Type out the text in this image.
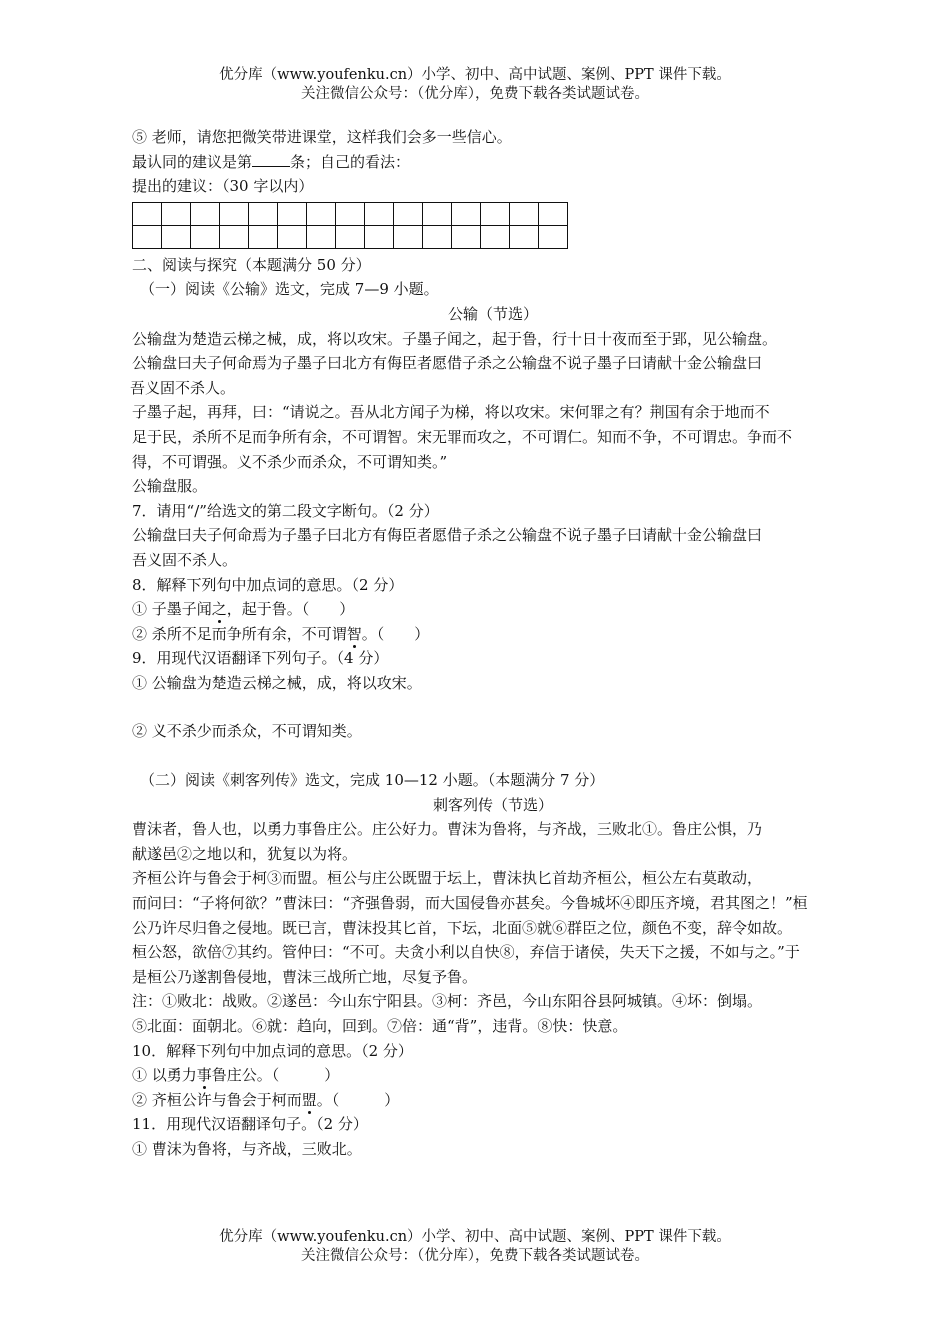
优分库（www.youfenku.cn）小学、初中、高中试题、案例、PPT 课件下载。
关注微信公众号：（优分库），免费下载各类试题试卷。
⑤ 老师，请您把微笑带进课堂，这样我们会多一些信心。
最认同的建议是第	条；自己的看法：
提出的建议：（30 字以内）

二、阅读与探究（本题满分 50 分）
（一）阅读《公输》选文，完成 7—9 小题。
公输（节选）
公输盘为楚造云梯之械，成，将以攻宋。子墨子闻之，起于鲁，行十日十夜而至于郢，见公输盘。
公输盘曰夫子何命焉为子墨子曰北方有侮臣者愿借子杀之公输盘不说子墨子曰请献十金公输盘曰
吾义固不杀人。
子墨子起，再拜，曰：“请说之。吾从北方闻子为梯，将以攻宋。宋何罪之有？荆国有余于地而不
足于民，杀所不足而争所有余，不可谓智。宋无罪而攻之，不可谓仁。知而不争，不可谓忠。争而不
得，不可谓强。义不杀少而杀众，不可谓知类。”
公输盘服。
7．请用“/”给选文的第二段文字断句。（2 分）
公输盘曰夫子何命焉为子墨子曰北方有侮臣者愿借子杀之公输盘不说子墨子曰请献十金公输盘曰
吾义固不杀人。
8．解释下列句中加点词的意思。（2 分）
① 子墨子闻之，起于鲁。（　　）
② 杀所不足而争所有余，不可谓智。（　　）
9．用现代汉语翻译下列句子。（4 分）
① 公输盘为楚造云梯之械，成，将以攻宋。
② 义不杀少而杀众，不可谓知类。
（二）阅读《刺客列传》选文，完成 10—12 小题。（本题满分 7 分）
刺客列传（节选）
曹沫者，鲁人也，以勇力事鲁庄公。庄公好力。曹沫为鲁将，与齐战，三败北①。鲁庄公惧，乃
献遂邑②之地以和，犹复以为将。
齐桓公许与鲁会于柯③而盟。桓公与庄公既盟于坛上，曹沫执匕首劫齐桓公，桓公左右莫敢动，
而问曰：“子将何欲？”曹沫曰：“齐强鲁弱，而大国侵鲁亦甚矣。今鲁城坏④即压齐境，君其图之！”桓
公乃许尽归鲁之侵地。既已言，曹沫投其匕首，下坛，北面⑤就⑥群臣之位，颜色不变，辞令如故。
桓公怒，欲倍⑦其约。管仲曰：“不可。夫贪小利以自快⑧，弃信于诸侯，失天下之援，不如与之。”于
是桓公乃遂割鲁侵地，曹沫三战所亡地，尽复予鲁。
注：①败北：战败。②遂邑：今山东宁阳县。③柯：齐邑，今山东阳谷县阿城镇。④坏：倒塌。
⑤北面：面朝北。⑥就：趋向，回到。⑦倍：通“背”，违背。⑧快：快意。
10．解释下列句中加点词的意思。（2 分）
① 以勇力事鲁庄公。（　　　）
② 齐桓公许与鲁会于柯而盟。（　　　）
11．用现代汉语翻译句子。（2 分）
① 曹沫为鲁将，与齐战，三败北。
优分库（www.youfenku.cn）小学、初中、高中试题、案例、PPT 课件下载。
关注微信公众号：（优分库），免费下载各类试题试卷。
